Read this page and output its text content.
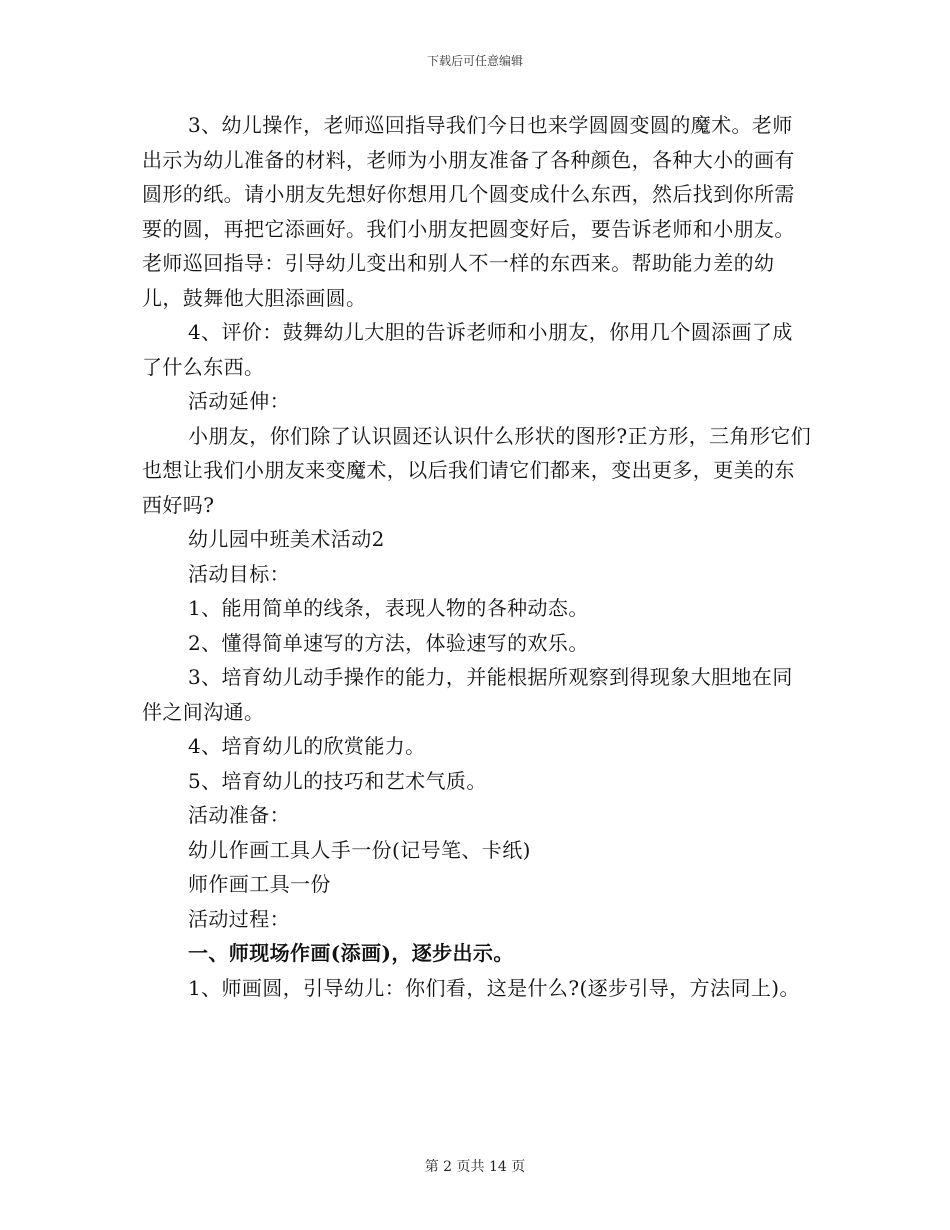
下载后可任意编辑

3、幼儿操作，老师巡回指导我们今日也来学圆圆变圆的魔术。老师出示为幼儿准备的材料，老师为小朋友准备了各种颜色，各种大小的画有圆形的纸。请小朋友先想好你想用几个圆变成什么东西，然后找到你所需要的圆，再把它添画好。我们小朋友把圆变好后，要告诉老师和小朋友。老师巡回指导：引导幼儿变出和别人不一样的东西来。帮助能力差的幼儿，鼓舞他大胆添画圆。

4、评价：鼓舞幼儿大胆的告诉老师和小朋友，你用几个圆添画了成了什么东西。

活动延伸：

小朋友，你们除了认识圆还认识什么形状的图形?正方形，三角形它们也想让我们小朋友来变魔术，以后我们请它们都来，变出更多，更美的东西好吗?

幼儿园中班美术活动2

活动目标：

1、能用简单的线条，表现人物的各种动态。

2、懂得简单速写的方法，体验速写的欢乐。

3、培育幼儿动手操作的能力，并能根据所观察到得现象大胆地在同伴之间沟通。

4、培育幼儿的欣赏能力。

5、培育幼儿的技巧和艺术气质。

活动准备：

幼儿作画工具人手一份(记号笔、卡纸)

师作画工具一份

活动过程：

一、师现场作画(添画)，逐步出示。

1、师画圆，引导幼儿：你们看，这是什么?(逐步引导，方法同上)。

第 2 页共 14 页
